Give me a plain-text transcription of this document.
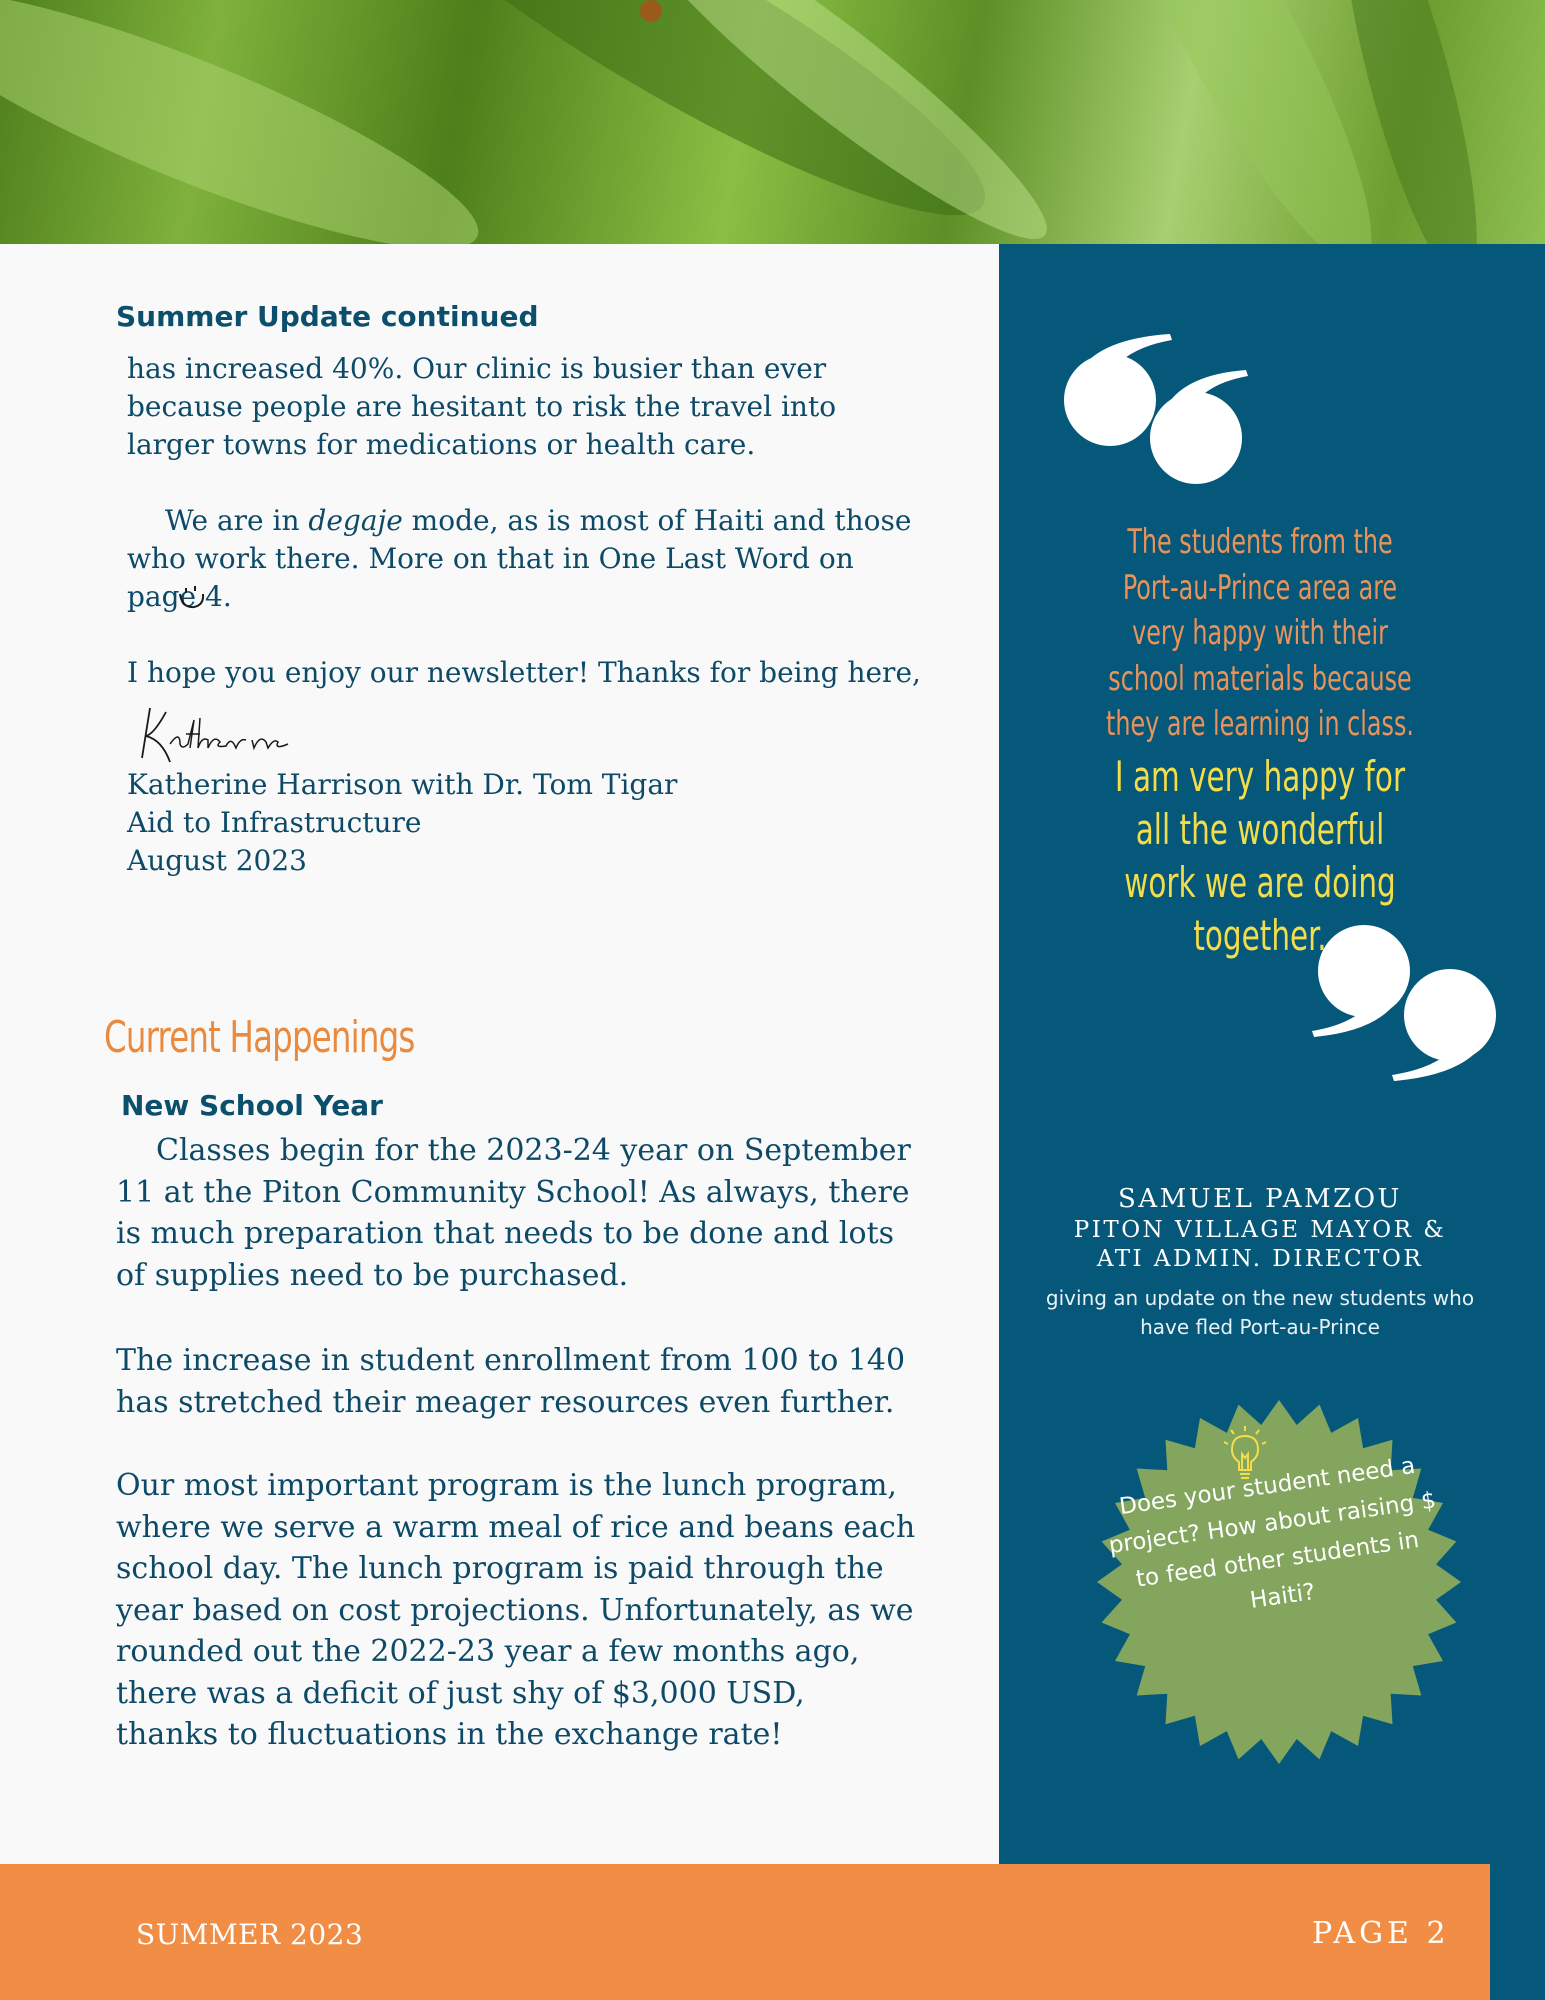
Summer Update continued
has increased 40%. Our clinic is busier than ever because people are hesitant to risk the travel into larger towns for medications or health care.
We are in degaje mode, as is most of Haiti and those who work there. More on that in One Last Word on page 4.
I hope you enjoy our newsletter! Thanks for being here,
Katherine Harrison with Dr. Tom Tigar
Aid to Infrastructure
August 2023
Current Happenings
New School Year
Classes begin for the 2023-24 year on September 11 at the Piton Community School! As always, there is much preparation that needs to be done and lots of supplies need to be purchased.
The increase in student enrollment from 100 to 140 has stretched their meager resources even further.
Our most important program is the lunch program, where we serve a warm meal of rice and beans each school day. The lunch program is paid through the year based on cost projections. Unfortunately, as we rounded out the 2022-23 year a few months ago, there was a deficit of just shy of $3,000 USD, thanks to fluctuations in the exchange rate!
The students from the Port-au-Prince area are very happy with their school materials because they are learning in class.
I am very happy for all the wonderful work we are doing together.
SAMUEL PAMZOU
PITON VILLAGE MAYOR &
ATI ADMIN. DIRECTOR
giving an update on the new students who have fled Port-au-Prince
Does your student need a project? How about raising $ to feed other students in Haiti?
SUMMER 2023	PAGE 2
